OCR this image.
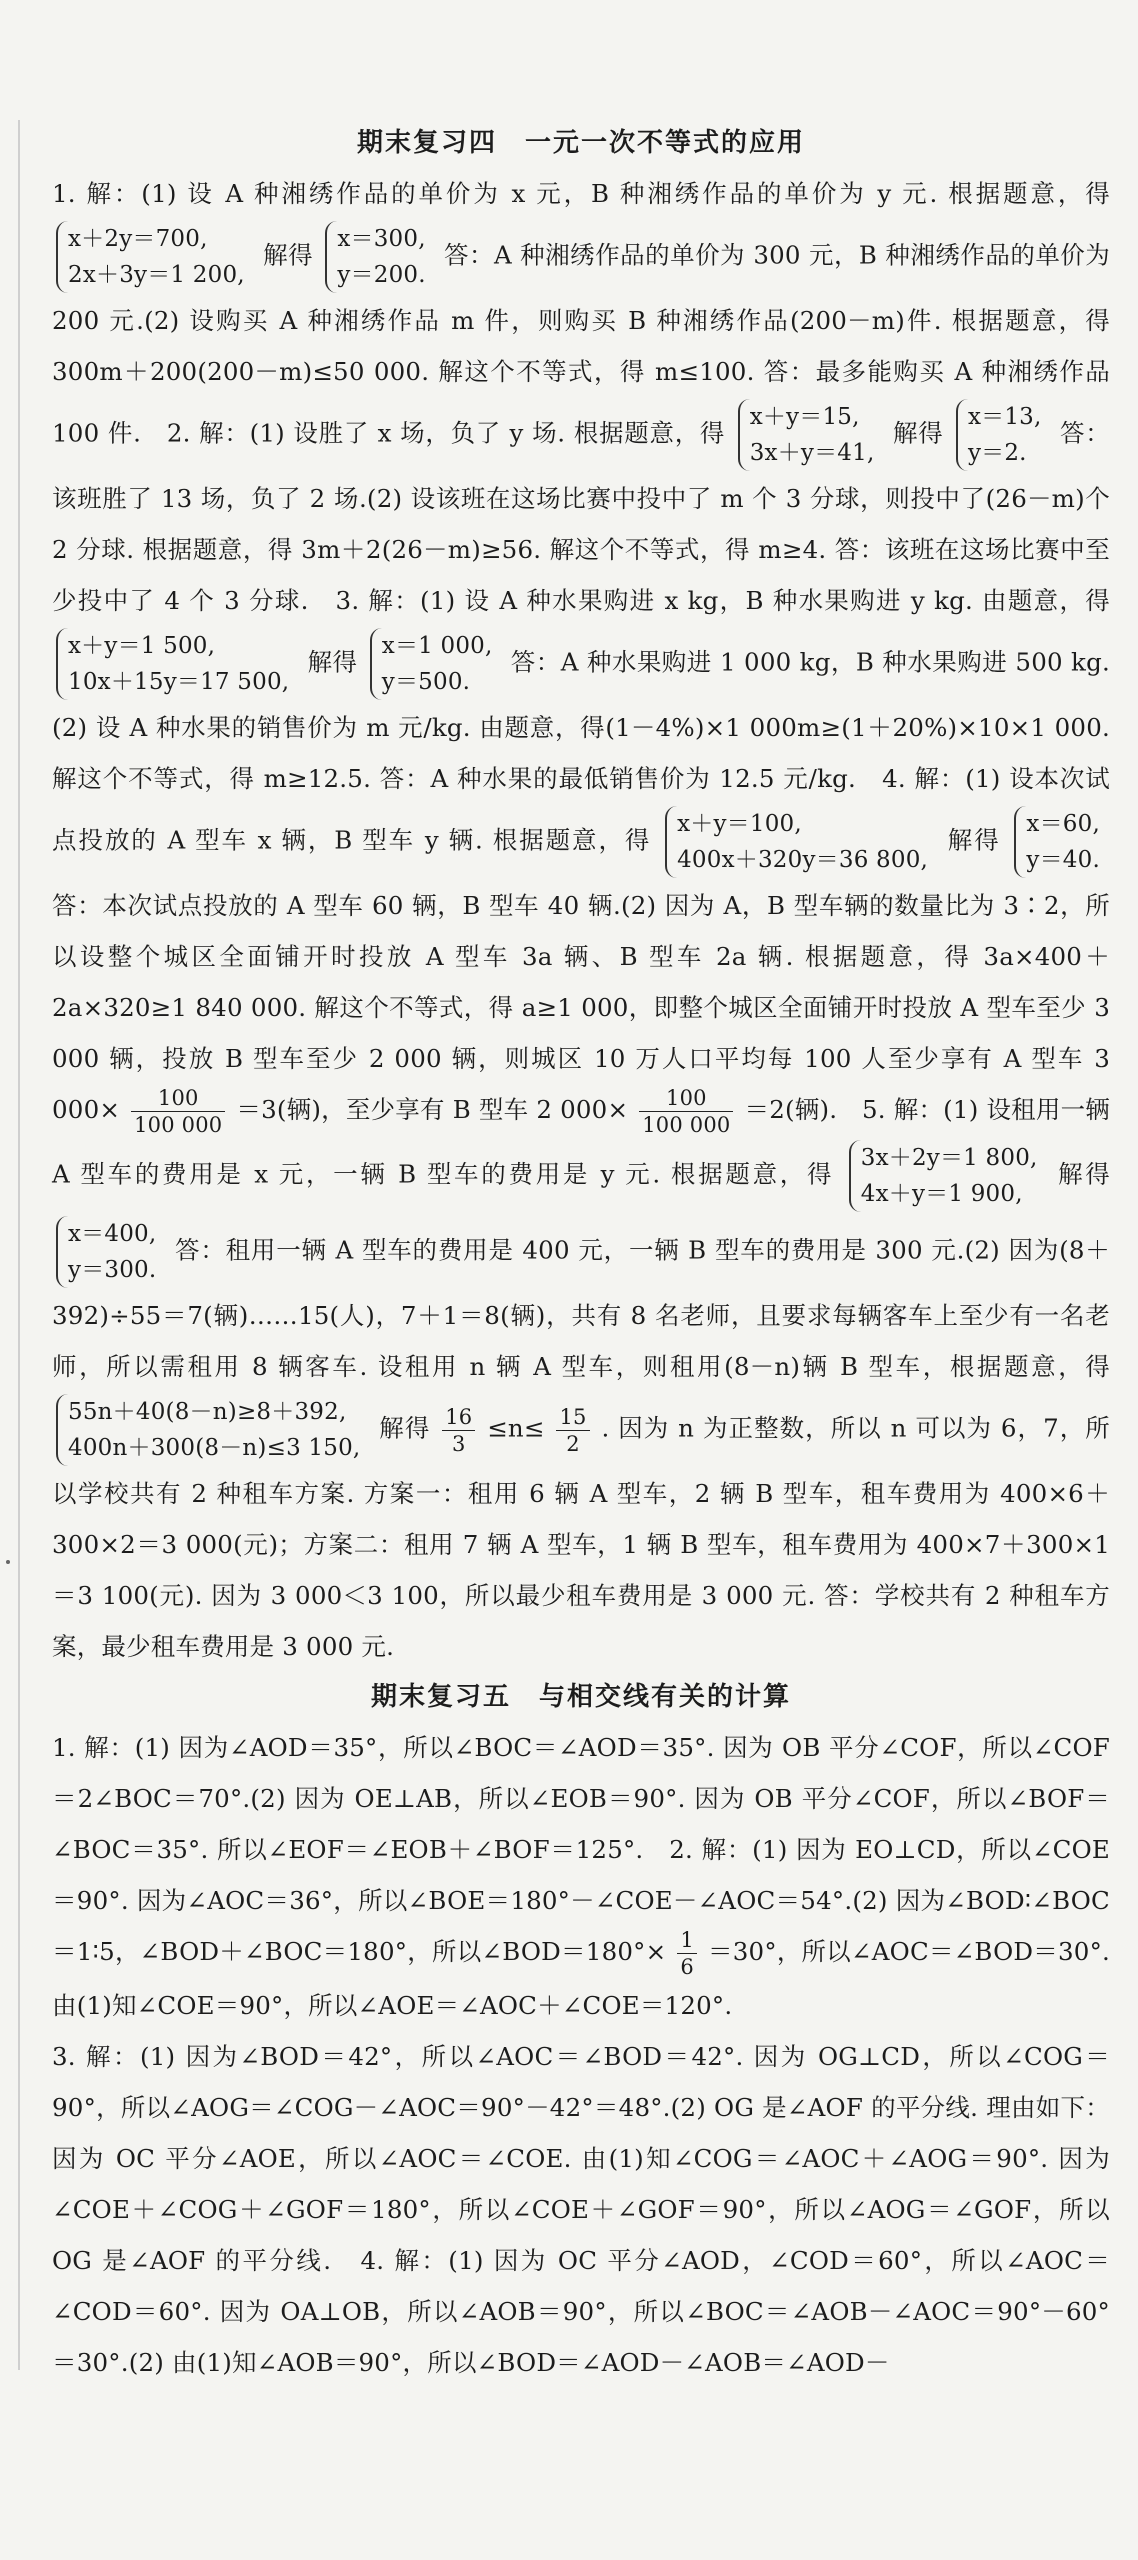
期末复习四　一元一次不等式的应用

1. 解：(1) 设 A 种湘绣作品的单价为 x 元，B 种湘绣作品的单价为 y 元. 根据题意，得
x＋2y＝700,
2x＋3y＝1 200,
解得
x＝300,
y＝200.
答：A 种湘绣作品的单价为 300 元，B 种湘绣作品的单价为 200 元.(2) 设购买 A 种湘绣作品 m 件，则购买 B 种湘绣作品(200－m)件. 根据题意，得 300m＋200(200－m)≤50 000. 解这个不等式，得 m≤100. 答：最多能购买 A 种湘绣作品 100 件.　2. 解：(1) 设胜了 x 场，负了 y 场. 根据题意，得
x＋y＝15,
3x＋y＝41,
解得
x＝13,
y＝2.
答：该班胜了 13 场，负了 2 场.(2) 设该班在这场比赛中投中了 m 个 3 分球，则投中了(26－m)个 2 分球. 根据题意，得 3m＋2(26－m)≥56. 解这个不等式，得 m≥4. 答：该班在这场比赛中至少投中了 4 个 3 分球.　3. 解：(1) 设 A 种水果购进 x kg，B 种水果购进 y kg. 由题意，得
x＋y＝1 500,
10x＋15y＝17 500,
解得
x＝1 000,
y＝500.
答：A 种水果购进 1 000 kg，B 种水果购进 500 kg.(2) 设 A 种水果的销售价为 m 元/kg. 由题意，得(1－4%)×1 000m≥(1＋20%)×10×1 000. 解这个不等式，得 m≥12.5. 答：A 种水果的最低销售价为 12.5 元/kg.　4. 解：(1) 设本次试点投放的 A 型车 x 辆，B 型车 y 辆. 根据题意，得
x＋y＝100,
400x＋320y＝36 800,
解得
x＝60,
y＝40.
答：本次试点投放的 A 型车 60 辆，B 型车 40 辆.(2) 因为 A，B 型车辆的数量比为 3∶2，所以设整个城区全面铺开时投放 A 型车 3a 辆、B 型车 2a 辆. 根据题意，得 3a×400＋2a×320≥1 840 000. 解这个不等式，得 a≥1 000，即整个城区全面铺开时投放 A 型车至少 3 000 辆，投放 B 型车至少 2 000 辆，则城区 10 万人口平均每 100 人至少享有 A 型车 3 $000\times \frac{100}{100 000} =3$(辆)，至少享有 B 型车 2 $000\times \frac{100}{100 000} =2$(辆).　5. 解：(1) 设租用一辆 A 型车的费用是 x 元，一辆 B 型车的费用是 y 元. 根据题意，得
3x＋2y＝1 800,
4x＋y＝1 900,
解得
x＝400,
y＝300.
答：租用一辆 A 型车的费用是 400 元，一辆 B 型车的费用是 300 元.(2) 因为(8＋392)÷55＝7(辆)……15(人)，7＋1＝8(辆)，共有 8 名老师，且要求每辆客车上至少有一名老师，所以需租用 8 辆客车. 设租用 n 辆 A 型车，则租用(8－n)辆 B 型车，根据题意，得
55n＋40(8－n)≥8＋392,
400n＋300(8－n)≤3 150,
解得 $\frac{16}{3} \le n\le \frac{15}{2}$ . 因为 n 为正整数，所以 n 可以为 6，7，所以学校共有 2 种租车方案. 方案一：租用 6 辆 A 型车，2 辆 B 型车，租车费用为 400×6＋300×2＝3 000(元)；方案二：租用 7 辆 A 型车，1 辆 B 型车，租车费用为 400×7＋300×1＝3 100(元). 因为 3 000＜3 100，所以最少租车费用是 3 000 元. 答：学校共有 2 种租车方案，最少租车费用是 3 000 元.

期末复习五　与相交线有关的计算

1. 解：(1) 因为∠AOD＝35°，所以∠BOC＝∠AOD＝35°. 因为 OB 平分∠COF，所以∠COF＝2∠BOC＝70°.(2) 因为 OE⊥AB，所以∠EOB＝90°. 因为 OB 平分∠COF，所以∠BOF＝∠BOC＝35°. 所以∠EOF＝∠EOB＋∠BOF＝125°.　2. 解：(1) 因为 EO⊥CD，所以∠COE＝90°. 因为∠AOC＝36°，所以∠BOE＝180°－∠COE－∠AOC＝54°.(2) 因为∠BOD∶∠BOC＝1∶5，∠BOD＋∠BOC＝180°，所以∠BOD＝180°× $\frac{1}{6} =30^\circ$，所以∠AOC＝∠BOD＝30°. 由(1)知∠COE＝90°，所以∠AOE＝∠AOC＋∠COE＝120°.

3. 解：(1) 因为∠BOD＝42°，所以∠AOC＝∠BOD＝42°. 因为 OG⊥CD，所以∠COG＝90°，所以∠AOG＝∠COG－∠AOC＝90°－42°＝48°.(2) OG 是∠AOF 的平分线. 理由如下：因为 OC 平分∠AOE，所以∠AOC＝∠COE. 由(1)知∠COG＝∠AOC＋∠AOG＝90°. 因为∠COE＋∠COG＋∠GOF＝180°，所以∠COE＋∠GOF＝90°，所以∠AOG＝∠GOF，所以 OG 是∠AOF 的平分线.　4. 解：(1) 因为 OC 平分∠AOD，∠COD＝60°，所以∠AOC＝∠COD＝60°. 因为 OA⊥OB，所以∠AOB＝90°，所以∠BOC＝∠AOB－∠AOC＝90°－60°＝30°.(2) 由(1)知∠AOB＝90°，所以∠BOD＝∠AOD－∠AOB＝∠AOD－
